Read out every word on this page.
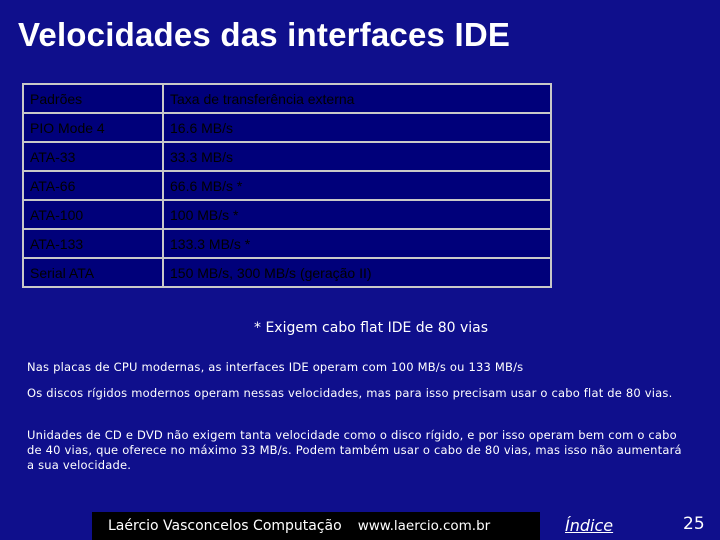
Velocidades das interfaces IDE
Padrões	Taxa de transferência externa
PIO Mode 4	16.6 MB/s
ATA-33	33.3 MB/s
ATA-66	66.6 MB/s *
ATA-100	100 MB/s *
ATA-133	133.3 MB/s *
Serial ATA	150 MB/s, 300 MB/s (geração II)
* Exigem cabo flat IDE de 80 vias
Nas placas de CPU modernas, as interfaces IDE operam com 100 MB/s ou 133 MB/s
Os discos rígidos modernos operam nessas velocidades, mas para isso precisam usar o cabo flat de 80 vias.
Unidades de CD e DVD não exigem tanta velocidade como o disco rígido, e por isso operam bem com o cabo de 40 vias, que oferece no máximo 33 MB/s. Podem também usar o cabo de 80 vias, mas isso não aumentará a sua velocidade.
Laércio Vasconcelos Computação www.laercio.com.br	Índice	25
